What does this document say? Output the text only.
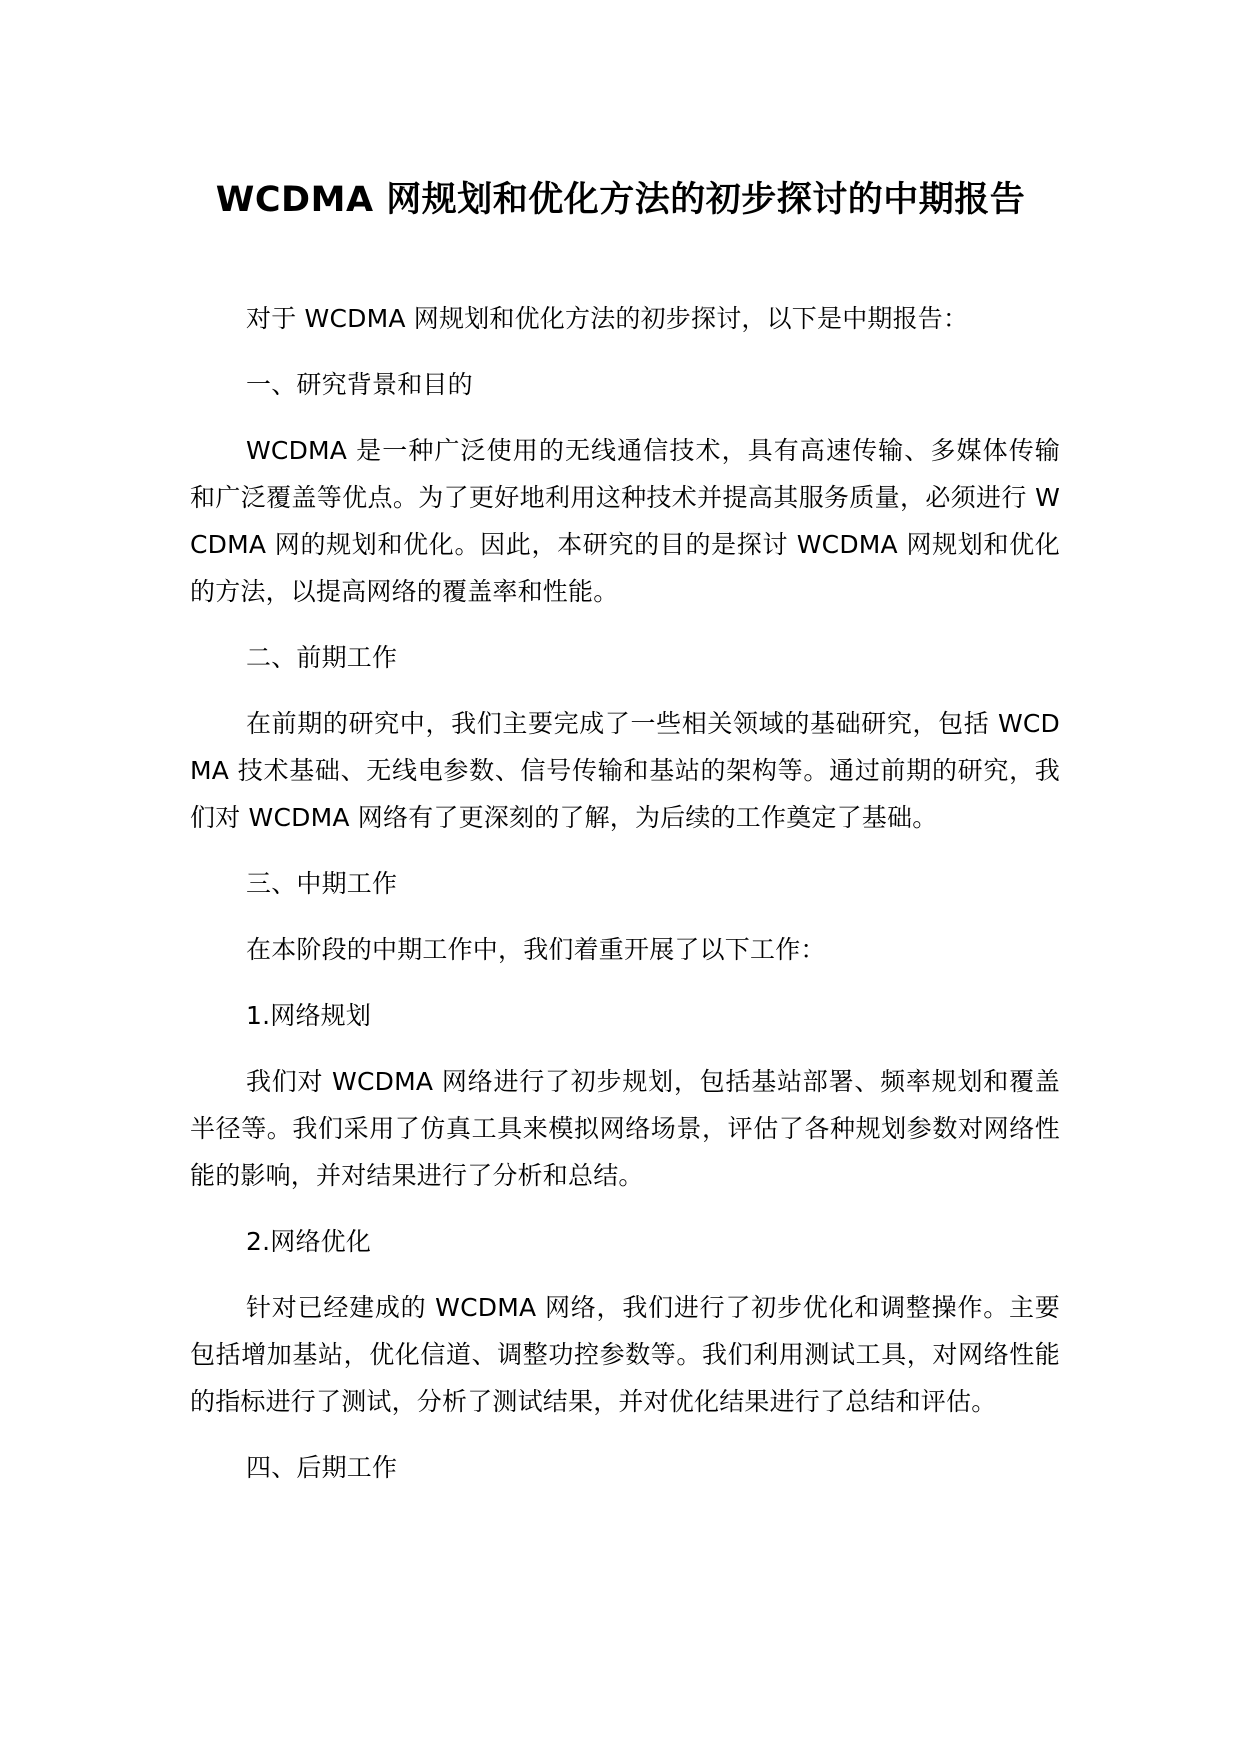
WCDMA 网规划和优化方法的初步探讨的中期报告

对于 WCDMA 网规划和优化方法的初步探讨，以下是中期报告：

一、研究背景和目的

WCDMA 是一种广泛使用的无线通信技术，具有高速传输、多媒体传输和广泛覆盖等优点。为了更好地利用这种技术并提高其服务质量，必须进行 WCDMA 网的规划和优化。因此，本研究的目的是探讨 WCDMA 网规划和优化的方法，以提高网络的覆盖率和性能。

二、前期工作

在前期的研究中，我们主要完成了一些相关领域的基础研究，包括 WCDMA 技术基础、无线电参数、信号传输和基站的架构等。通过前期的研究，我们对 WCDMA 网络有了更深刻的了解，为后续的工作奠定了基础。

三、中期工作

在本阶段的中期工作中，我们着重开展了以下工作：

1.网络规划

我们对 WCDMA 网络进行了初步规划，包括基站部署、频率规划和覆盖半径等。我们采用了仿真工具来模拟网络场景，评估了各种规划参数对网络性能的影响，并对结果进行了分析和总结。

2.网络优化

针对已经建成的 WCDMA 网络，我们进行了初步优化和调整操作。主要包括增加基站，优化信道、调整功控参数等。我们利用测试工具，对网络性能的指标进行了测试，分析了测试结果，并对优化结果进行了总结和评估。

四、后期工作
